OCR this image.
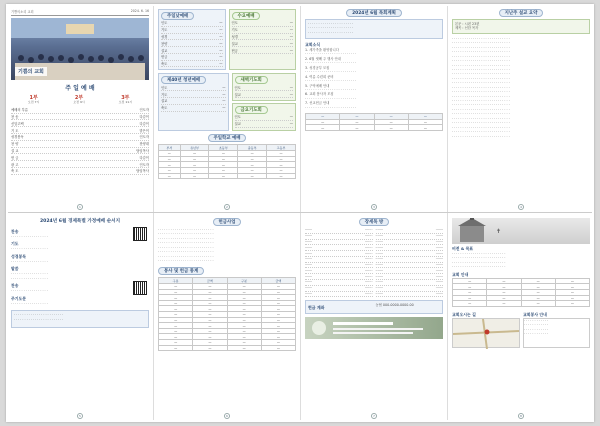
기쁨의소리 교회	2024. 6. 16
기쁨의 교회
주 일 예 배
1부
오전 7시
2부
오전 9시
3부
오전 11시
예배의 부름	인도자
찬 송	다같이
신앙고백	다같이
기 도	맡은이
성경봉독	인도자
찬 양	찬양대
설 교	담임목사
헌 금	다같이
광 고	인도자
축 도	담임목사
1
주일낮예배
인도	—
기도	—
성경	—
찬양	—
설교	—
헌금	—
축도	—
수요예배
인도	—
기도	—
성경	—
설교	—
헌금	—
제40년 청년예배
인도	—
기도	—
설교	—
축도	—
새벽기도회
인도	—
설교	—
금요기도회
인도	—
설교	—
주일학교 예배
부서	유년부	초등부	중등부	고등부
—	—	—	—	—
—	—	—	—	—
—	—	—	—	—
—	—	—	—	—
—	—	—	—	—
2
2024년 6월 목회계획
· · · · · · · · · · · · · · · · · · · · · ·
· · · · · · · · · · · · · · · · · · · · · ·
· · · · · · · · · · · · · · · · · · · · · ·
교회소식
1. 새가족을 환영합니다
· · · · · · · · · · · · · · · · · · · · · · · · ·
2. 6월 셋째 주 행사 안내
· · · · · · · · · · · · · · · · · · · · · · · · ·
3. 성경공부 모집
· · · · · · · · · · · · · · · · · · · · · · · · ·
4. 여름 수련회 준비
· · · · · · · · · · · · · · · · · · · · · · · · ·
5. 구역예배 안내
· · · · · · · · · · · · · · · · · · · · · · · · ·
6. 교회 봉사자 모집
· · · · · · · · · · · · · · · · · · · · · · · · ·
7. 선교헌금 안내
· · · · · · · · · · · · · · · · · · · · · · · · ·
—	—	—	—
—	—	—	—
—	—	—	—
3
지난주 설교 요약
본문 : 시편 23편
제목 : 선한 목자
· · · · · · · · · · · · · · · · · · · · · · · · · · · ·
· · · · · · · · · · · · · · · · · · · · · · · · · · · ·
· · · · · · · · · · · · · · · · · · · · · · · · · · · ·
· · · · · · · · · · · · · · · · · · · · · · · · · · · ·
· · · · · · · · · · · · · · · · · · · · · · · · · · · ·
· · · · · · · · · · · · · · · · · · · · · · · · · · · ·
· · · · · · · · · · · · · · · · · · · · · · · · · · · ·
· · · · · · · · · · · · · · · · · · · · · · · · · · · ·
· · · · · · · · · · · · · · · · · · · · · · · · · · · ·
· · · · · · · · · · · · · · · · · · · · · · · · · · · ·
· · · · · · · · · · · · · · · · · · · · · · · · · · · ·
· · · · · · · · · · · · · · · · · · · · · · · · · · · ·
· · · · · · · · · · · · · · · · · · · · · · · · · · · ·
· · · · · · · · · · · · · · · · · · · · · · · · · · · ·
· · · · · · · · · · · · · · · · · · · · · · · · · · · ·
· · · · · · · · · · · · · · · · · · · · · · · · · · · ·
· · · · · · · · · · · · · · · · · · · · · · · · · · · ·
· · · · · · · · · · · · · · · · · · · · · · · · · · · ·
· · · · · · · · · · · · · · · · · · · · · · · · · · · ·
· · · · · · · · · · · · · · · · · · · · · · · · · · · ·
· · · · · · · · · · · · · · · · · · · · · · · · · · · ·
· · · · · · · · · · · · · · · · · · · · · · · · · · · ·
· · · · · · · · · · · · · · · · · · · · · · · · · · · ·
4
2024년 6월 경제특별 가정예배 순서지
찬송
· · · · · · · · · · · · · · · · · ·
기도
· · · · · · · · · · · · · · · · · ·
성경봉독
· · · · · · · · · · · · · · · · · ·
말씀
· · · · · · · · · · · · · · · · · ·
· · · · · · · · · · · · · · · · · ·
찬송
· · · · · · · · · · · · · · · · · ·
주기도문
· · · · · · · · · · · · · · · · · ·
· · · · · · · · · · · · · · · · · · · · · · · ·
· · · · · · · · · · · · · · · · · · · · · · · ·
5
헌금사업
· · · · · · · · · · · · · · · · · · · · · · · · · · ·
· · · · · · · · · · · · · · · · · · · · · · · · · · ·
· · · · · · · · · · · · · · · · · · · · · · · · · · ·
· · · · · · · · · · · · · · · · · · · · · · · · · · ·
· · · · · · · · · · · · · · · · · · · · · · · · · · ·
· · · · · · · · · · · · · · · · · · · · · · · · · · ·
· · · · · · · · · · · · · · · · · · · · · · · · · · ·
· · · · · · · · · · · · · · · · · · · · · · · · · · ·
봉사 및 헌금 통계
구분	금액	구분	금액
—	—	—	—
—	—	—	—
—	—	—	—
—	—	—	—
—	—	—	—
—	—	—	—
—	—	—	—
—	—	—	—
—	—	—	—
—	—	—	—
—	—	—	—
—	—	—	—
6
장세목 방
·······	·······
·······	·······
·······	·······
·······	·······
·······	·······
·······	·······
·······	·······
·······	·······
·······	·······
·······	·······
·······	·······
·······	·······
·······	·······
·······	·······
·······	·······
·······	·······
·······	·······
·······	·······
·······	·······
·······	·······
·······	·······
·······	·······
·······	·······
·······	·······
헌금 계좌	농협 000-0000-0000-00
7
✝
비전 & 목표
· · · · · · · · · · · · · · · · · · · · · · · · · ·
· · · · · · · · · · · · · · · · · · · · · · · · · ·
· · · · · · · · · · · · · · · · · · · · · · · · · ·
· · · · · · · · · · · · · · · · · · · · · · · · · ·
교회 안내
—	—	—	—
—	—	—	—
—	—	—	—
—	—	—	—
—	—	—	—
교회오시는 길	교회봉사 안내
· · · · · · · · · · · ·
· · · · · · · · · · · ·
· · · · · · · · · · · ·
· · · · · · · · · · · ·
8
